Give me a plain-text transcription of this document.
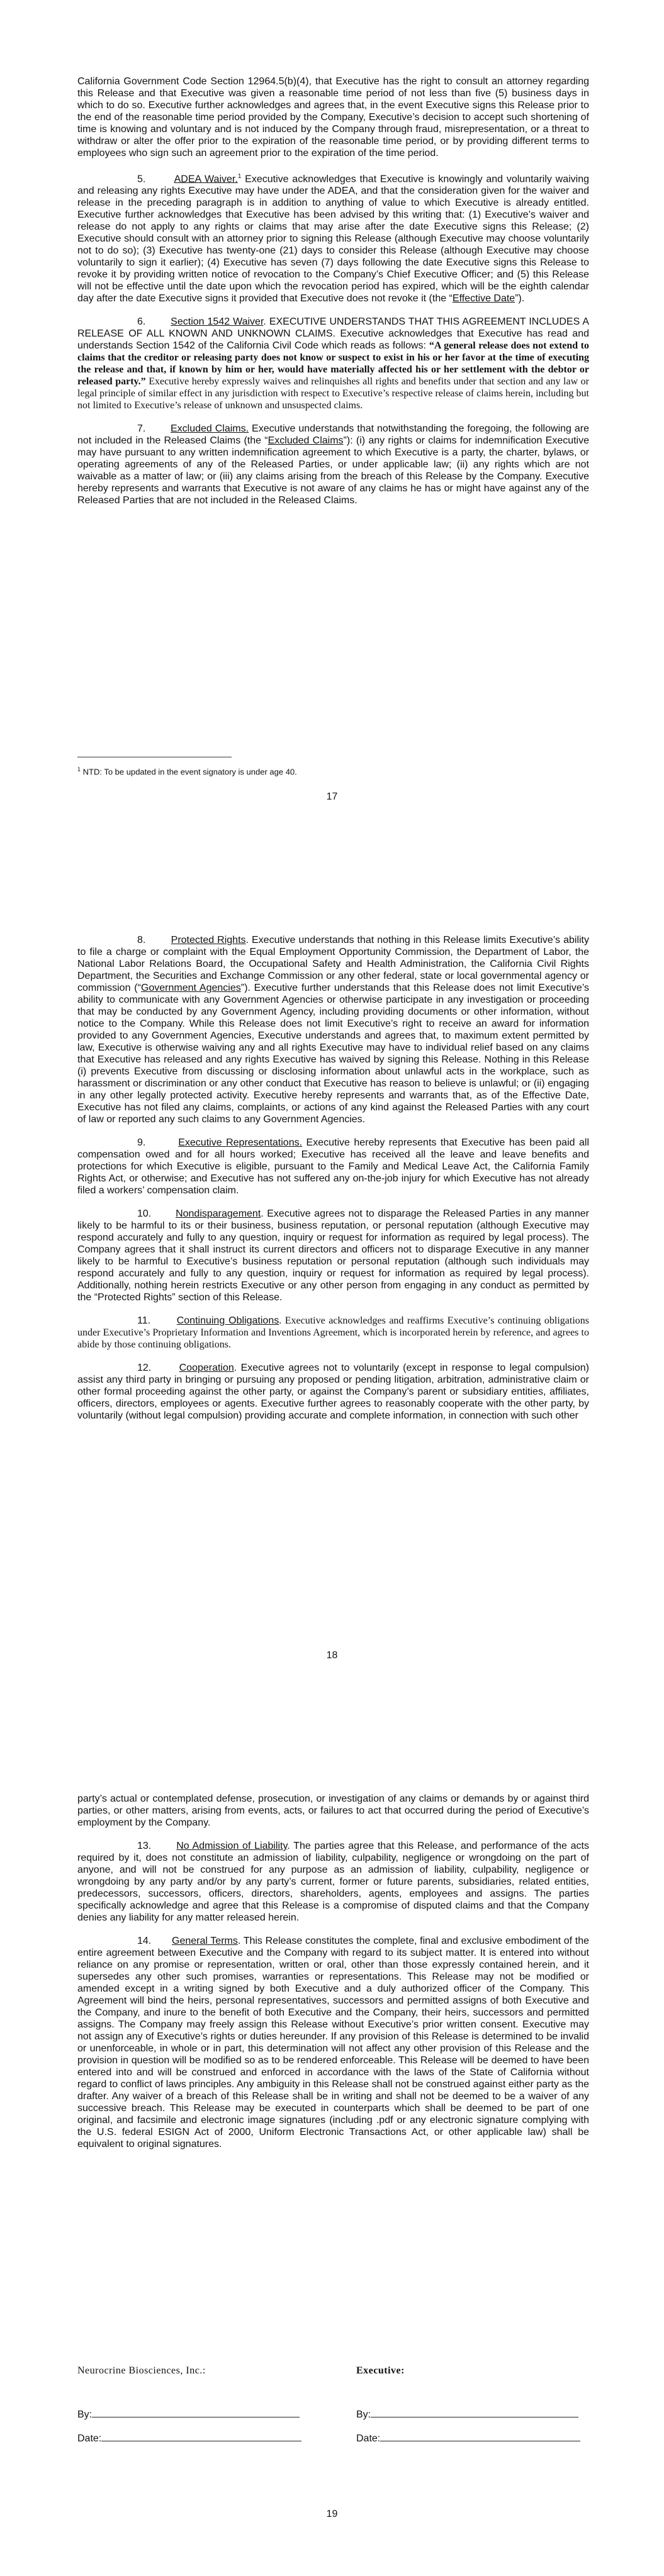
California Government Code Section 12964.5(b)(4), that Executive has the right to consult an attorney regarding this Release and that Executive was given a reasonable time period of not less than five (5) business days in which to do so. Executive further acknowledges and agrees that, in the event Executive signs this Release prior to the end of the reasonable time period provided by the Company, Executive’s decision to accept such shortening of time is knowing and voluntary and is not induced by the Company through fraud, misrepresentation, or a threat to withdraw or alter the offer prior to the expiration of the reasonable time period, or by providing different terms to employees who sign such an agreement prior to the expiration of the time period.

5.	ADEA Waiver.$^1$ Executive acknowledges that Executive is knowingly and voluntarily waiving and releasing any rights Executive may have under the ADEA, and that the consideration given for the waiver and release in the preceding paragraph is in addition to anything of value to which Executive is already entitled. Executive further acknowledges that Executive has been advised by this writing that: (1) Executive’s waiver and release do not apply to any rights or claims that may arise after the date Executive signs this Release; (2) Executive should consult with an attorney prior to signing this Release (although Executive may choose voluntarily not to do so); (3) Executive has twenty-one (21) days to consider this Release (although Executive may choose voluntarily to sign it earlier); (4) Executive has seven (7) days following the date Executive signs this Release to revoke it by providing written notice of revocation to the Company’s Chief Executive Officer; and (5) this Release will not be effective until the date upon which the revocation period has expired, which will be the eighth calendar day after the date Executive signs it provided that Executive does not revoke it (the “Effective Date”).

6. Section 1542 Waiver. EXECUTIVE UNDERSTANDS THAT THIS AGREEMENT INCLUDES A RELEASE OF ALL KNOWN AND UNKNOWN CLAIMS. Executive acknowledges that Executive has read and understands Section 1542 of the California Civil Code which reads as follows: “A general release does not extend to claims that the creditor or releasing party does not know or suspect to exist in his or her favor at the time of executing the release and that, if known by him or her, would have materially affected his or her settlement with the debtor or released party.” Executive hereby expressly waives and relinquishes all rights and benefits under that section and any law or legal principle of similar effect in any jurisdiction with respect to Executive’s respective release of claims herein, including but not limited to Executive’s release of unknown and unsuspected claims.

7. Excluded Claims. Executive understands that notwithstanding the foregoing, the following are not included in the Released Claims (the “Excluded Claims”): (i) any rights or claims for indemnification Executive may have pursuant to any written indemnification agreement to which Executive is a party, the charter, bylaws, or operating agreements of any of the Released Parties, or under applicable law; (ii) any rights which are not waivable as a matter of law; or (iii) any claims arising from the breach of this Release by the Company. Executive hereby represents and warrants that Executive is not aware of any claims he has or might have against any of the Released Parties that are not included in the Released Claims.

$^1$ NTD: To be updated in the event signatory is under age 40.
17

8.	Protected Rights. Executive understands that nothing in this Release limits Executive’s ability to file a charge or complaint with the Equal Employment Opportunity Commission, the Department of Labor, the National Labor Relations Board, the Occupational Safety and Health Administration, the California Civil Rights Department, the Securities and Exchange Commission or any other federal, state or local governmental agency or commission (“Government Agencies”). Executive further understands that this Release does not limit Executive’s ability to communicate with any Government Agencies or otherwise participate in any investigation or proceeding that may be conducted by any Government Agency, including providing documents or other information, without notice to the Company. While this Release does not limit Executive’s right to receive an award for information provided to any Government Agencies, Executive understands and agrees that, to maximum extent permitted by law, Executive is otherwise waiving any and all rights Executive may have to individual relief based on any claims that Executive has released and any rights Executive has waived by signing this Release. Nothing in this Release (i) prevents Executive from discussing or disclosing information about unlawful acts in the workplace, such as harassment or discrimination or any other conduct that Executive has reason to believe is unlawful; or (ii) engaging in any other legally protected activity. Executive hereby represents and warrants that, as of the Effective Date, Executive has not filed any claims, complaints, or actions of any kind against the Released Parties with any court of law or reported any such claims to any Government Agencies.

9.	Executive Representations. Executive hereby represents that Executive has been paid all compensation owed and for all hours worked; Executive has received all the leave and leave benefits and protections for which Executive is eligible, pursuant to the Family and Medical Leave Act, the California Family Rights Act, or otherwise; and Executive has not suffered any on-the-job injury for which Executive has not already filed a workers’ compensation claim.

10. Nondisparagement. Executive agrees not to disparage the Released Parties in any manner likely to be harmful to its or their business, business reputation, or personal reputation (although Executive may respond accurately and fully to any question, inquiry or request for information as required by legal process). The Company agrees that it shall instruct its current directors and officers not to disparage Executive in any manner likely to be harmful to Executive’s business reputation or personal reputation (although such individuals may respond accurately and fully to any question, inquiry or request for information as required by legal process). Additionally, nothing herein restricts Executive or any other person from engaging in any conduct as permitted by the “Protected Rights” section of this Release.

11.	Continuing Obligations. Executive acknowledges and reaffirms Executive’s continuing obligations under Executive’s Proprietary Information and Inventions Agreement, which is incorporated herein by reference, and agrees to abide by those continuing obligations.

12.	Cooperation. Executive agrees not to voluntarily (except in response to legal compulsion) assist any third party in bringing or pursuing any proposed or pending litigation, arbitration, administrative claim or other formal proceeding against the other party, or against the Company’s parent or subsidiary entities, affiliates, officers, directors, employees or agents. Executive further agrees to reasonably cooperate with the other party, by voluntarily (without legal compulsion) providing accurate and complete information, in connection with such other

18

party’s actual or contemplated defense, prosecution, or investigation of any claims or demands by or against third parties, or other matters, arising from events, acts, or failures to act that occurred during the period of Executive’s employment by the Company.

13.	No Admission of Liability. The parties agree that this Release, and performance of the acts required by it, does not constitute an admission of liability, culpability, negligence or wrongdoing on the part of anyone, and will not be construed for any purpose as an admission of liability, culpability, negligence or wrongdoing by any party and/or by any party’s current, former or future parents, subsidiaries, related entities, predecessors, successors, officers, directors, shareholders, agents, employees and assigns. The parties specifically acknowledge and agree that this Release is a compromise of disputed claims and that the Company denies any liability for any matter released herein.

14. General Terms. This Release constitutes the complete, final and exclusive embodiment of the entire agreement between Executive and the Company with regard to its subject matter. It is entered into without reliance on any promise or representation, written or oral, other than those expressly contained herein, and it supersedes any other such promises, warranties or representations. This Release may not be modified or amended except in a writing signed by both Executive and a duly authorized officer of the Company. This Agreement will bind the heirs, personal representatives, successors and permitted assigns of both Executive and the Company, and inure to the benefit of both Executive and the Company, their heirs, successors and permitted assigns. The Company may freely assign this Release without Executive’s prior written consent. Executive may not assign any of Executive’s rights or duties hereunder. If any provision of this Release is determined to be invalid or unenforceable, in whole or in part, this determination will not affect any other provision of this Release and the provision in question will be modified so as to be rendered enforceable. This Release will be deemed to have been entered into and will be construed and enforced in accordance with the laws of the State of California without regard to conflict of laws principles. Any ambiguity in this Release shall not be construed against either party as the drafter. Any waiver of a breach of this Release shall be in writing and shall not be deemed to be a waiver of any successive breach. This Release may be executed in counterparts which shall be deemed to be part of one original, and facsimile and electronic image signatures (including .pdf or any electronic signature complying with the U.S. federal ESIGN Act of 2000, Uniform Electronic Transactions Act, or other applicable law) shall be equivalent to original signatures.

Neurocrine Biosciences, Inc.:
By:
Date:
Executive:
By:
Date:
19
